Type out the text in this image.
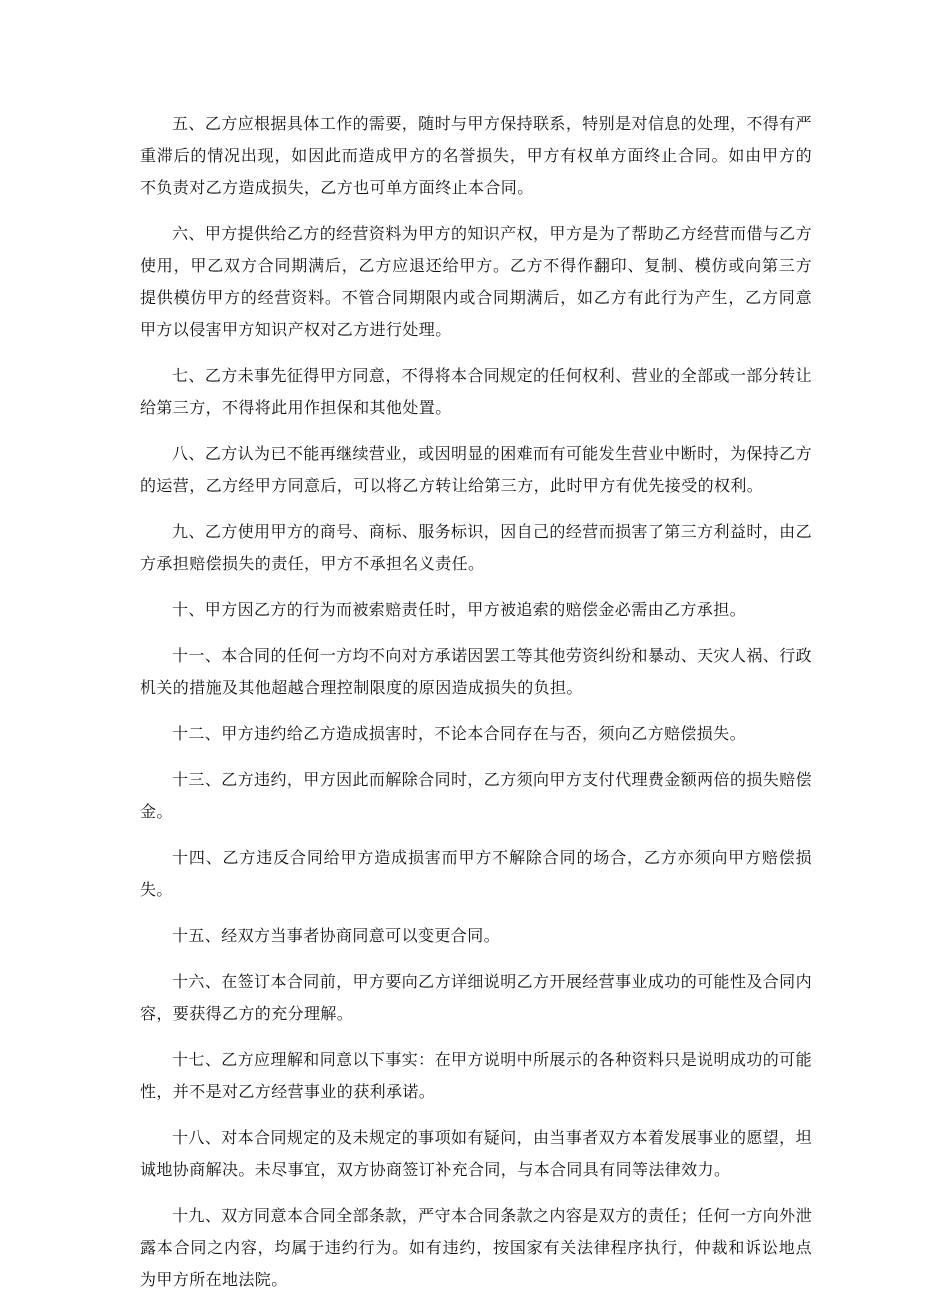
五、乙方应根据具体工作的需要，随时与甲方保持联系，特别是对信息的处理，不得有严重滞后的情况出现，如因此而造成甲方的名誉损失，甲方有权单方面终止合同。如由甲方的不负责对乙方造成损失，乙方也可单方面终止本合同。

六、甲方提供给乙方的经营资料为甲方的知识产权，甲方是为了帮助乙方经营而借与乙方使用，甲乙双方合同期满后，乙方应退还给甲方。乙方不得作翻印、复制、模仿或向第三方提供模仿甲方的经营资料。不管合同期限内或合同期满后，如乙方有此行为产生，乙方同意甲方以侵害甲方知识产权对乙方进行处理。

七、乙方未事先征得甲方同意，不得将本合同规定的任何权利、营业的全部或一部分转让给第三方，不得将此用作担保和其他处置。

八、乙方认为已不能再继续营业，或因明显的困难而有可能发生营业中断时，为保持乙方的运营，乙方经甲方同意后，可以将乙方转让给第三方，此时甲方有优先接受的权利。

九、乙方使用甲方的商号、商标、服务标识，因自己的经营而损害了第三方利益时，由乙方承担赔偿损失的责任，甲方不承担名义责任。

十、甲方因乙方的行为而被索赔责任时，甲方被追索的赔偿金必需由乙方承担。

十一、本合同的任何一方均不向对方承诺因罢工等其他劳资纠纷和暴动、天灾人祸、行政机关的措施及其他超越合理控制限度的原因造成损失的负担。

十二、甲方违约给乙方造成损害时，不论本合同存在与否，须向乙方赔偿损失。

十三、乙方违约，甲方因此而解除合同时，乙方须向甲方支付代理费金额两倍的损失赔偿金。

十四、乙方违反合同给甲方造成损害而甲方不解除合同的场合，乙方亦须向甲方赔偿损失。

十五、经双方当事者协商同意可以变更合同。

十六、在签订本合同前，甲方要向乙方详细说明乙方开展经营事业成功的可能性及合同内容，要获得乙方的充分理解。

十七、乙方应理解和同意以下事实：在甲方说明中所展示的各种资料只是说明成功的可能性，并不是对乙方经营事业的获利承诺。

十八、对本合同规定的及未规定的事项如有疑问，由当事者双方本着发展事业的愿望，坦诚地协商解决。未尽事宜，双方协商签订补充合同，与本合同具有同等法律效力。

十九、双方同意本合同全部条款，严守本合同条款之内容是双方的责任；任何一方向外泄露本合同之内容，均属于违约行为。如有违约，按国家有关法律程序执行，仲裁和诉讼地点为甲方所在地法院。
